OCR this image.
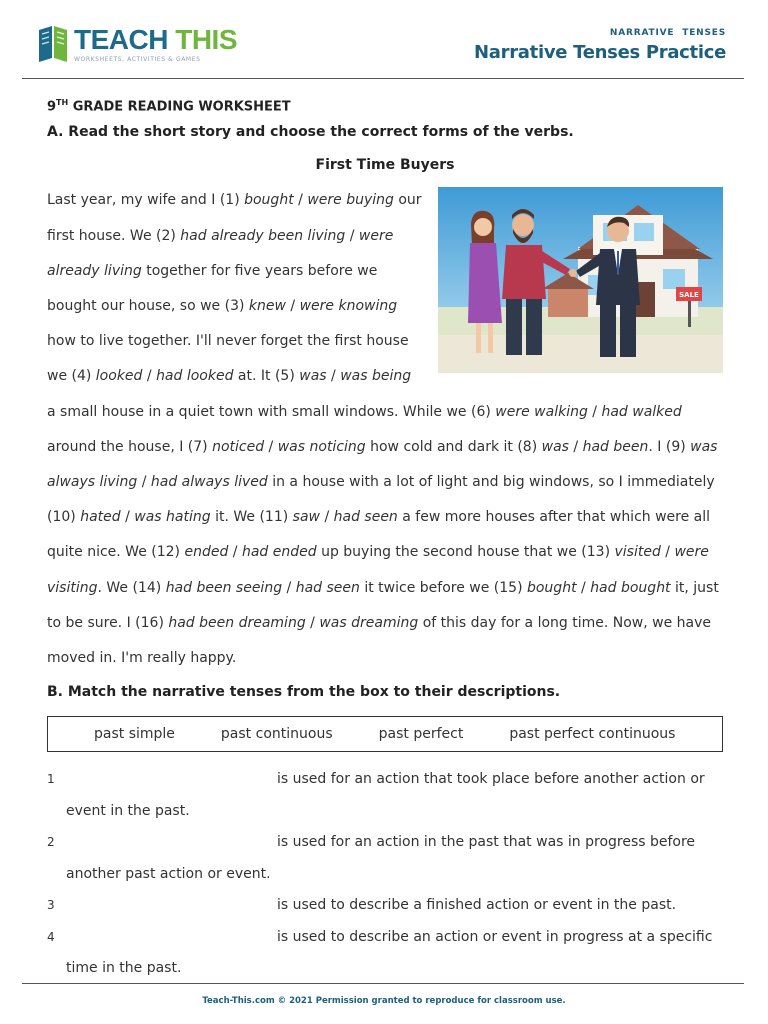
TEACH THIS
WORKSHEETS, ACTIVITIES & GAMES
NARRATIVE TENSES
Narrative Tenses Practice
9TH GRADE READING WORKSHEET
A. Read the short story and choose the correct forms of the verbs.
First Time Buyers
SALE
Last year, my wife and I (1) bought / were buying our first house. We (2) had already been living / were already living together for five years before we bought our house, so we (3) knew / were knowing how to live together. I'll never forget the first house we (4) looked / had looked at. It (5) was / was being a small house in a quiet town with small windows. While we (6) were walking / had walked around the house, I (7) noticed / was noticing how cold and dark it (8) was / had been. I (9) was always living / had always lived in a house with a lot of light and big windows, so I immediately (10) hated / was hating it. We (11) saw / had seen a few more houses after that which were all quite nice. We (12) ended / had ended up buying the second house that we (13) visited / were visiting. We (14) had been seeing / had seen it twice before we (15) bought / had bought it, just to be sure. I (16) had been dreaming / was dreaming of this day for a long time. Now, we have moved in. I'm really happy.
B. Match the narrative tenses from the box to their descriptions.
past simple	past continuous	past perfect	past perfect continuous
1	is used for an action that took place before another action or
event in the past.
2	is used for an action in the past that was in progress before
another past action or event.
3	is used to describe a finished action or event in the past.
4	is used to describe an action or event in progress at a specific
time in the past.
Teach-This.com © 2021 Permission granted to reproduce for classroom use.
